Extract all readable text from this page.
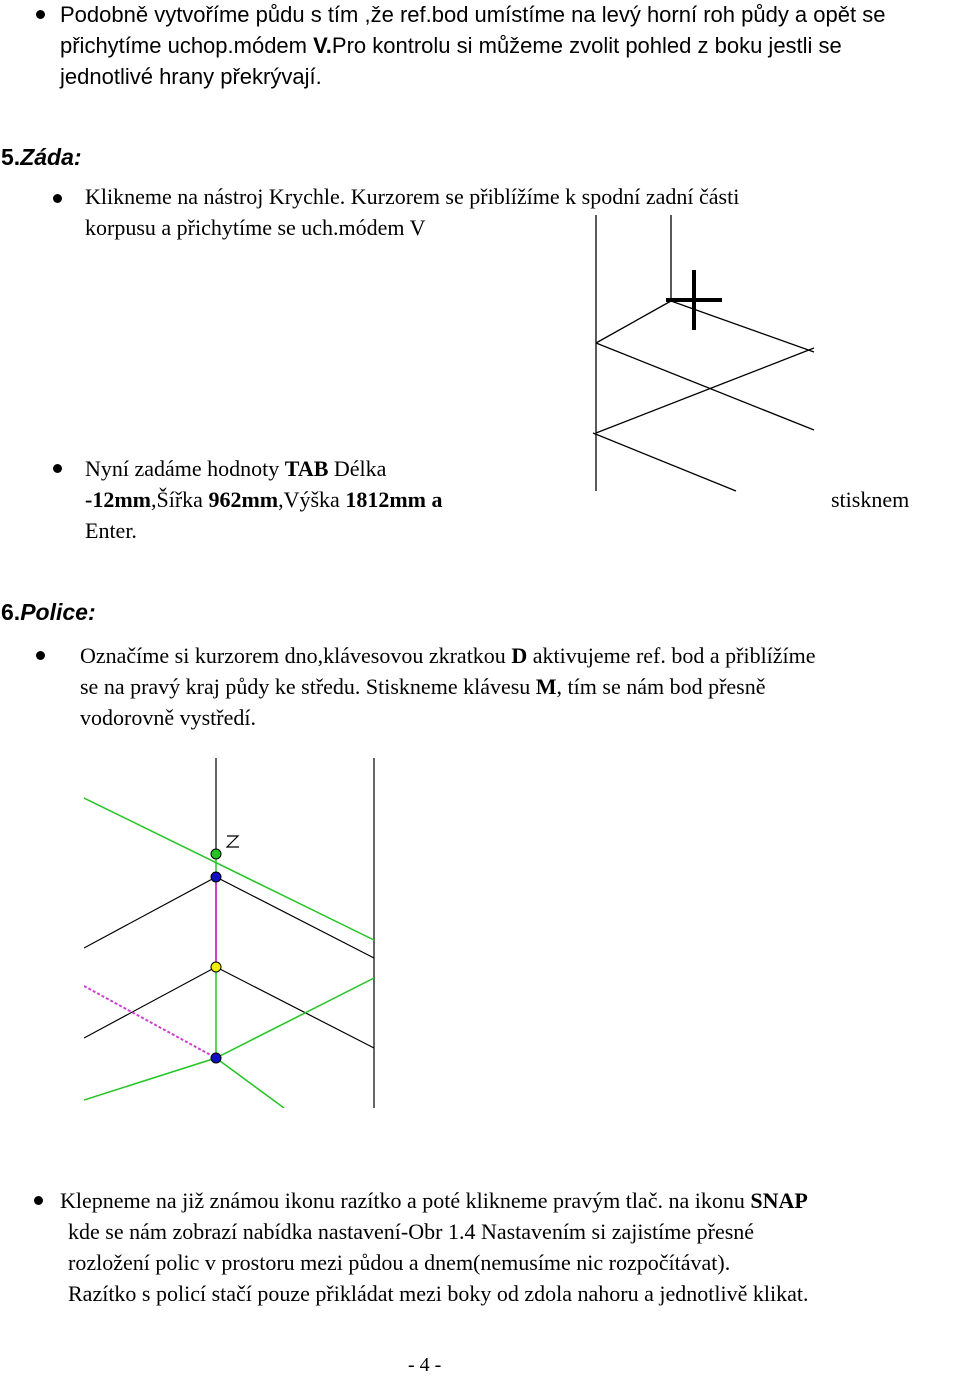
Podobně vytvoříme půdu s tím ,že ref.bod umístíme na levý horní roh půdy a opět se
přichytíme uchop.módem V.Pro kontrolu si můžeme zvolit pohled z boku jestli se
jednotlivé hrany překrývají.
5.Záda:
Klikneme na nástroj Krychle. Kurzorem se přiblížíme k spodní zadní části
korpusu a přichytíme se uch.módem V
Nyní zadáme hodnoty TAB Délka
-12mm,Šířka 962mm,Výška 1812mm a
Enter.
stisknem
6.Police:
Označíme si kurzorem dno,klávesovou zkratkou D aktivujeme ref. bod a přiblížíme
se na pravý kraj půdy ke středu. Stiskneme klávesu M, tím se nám bod přesně
vodorovně vystředí.
Klepneme na již známou ikonu razítko a poté klikneme pravým tlač. na ikonu SNAP
kde se nám zobrazí nabídka nastavení-Obr 1.4 Nastavením si zajistíme přesné
rozložení polic v prostoru mezi půdou a dnem(nemusíme nic rozpočítávat).
Razítko s policí stačí pouze přikládat mezi boky od zdola nahoru a jednotlivě klikat.
- 4 -
